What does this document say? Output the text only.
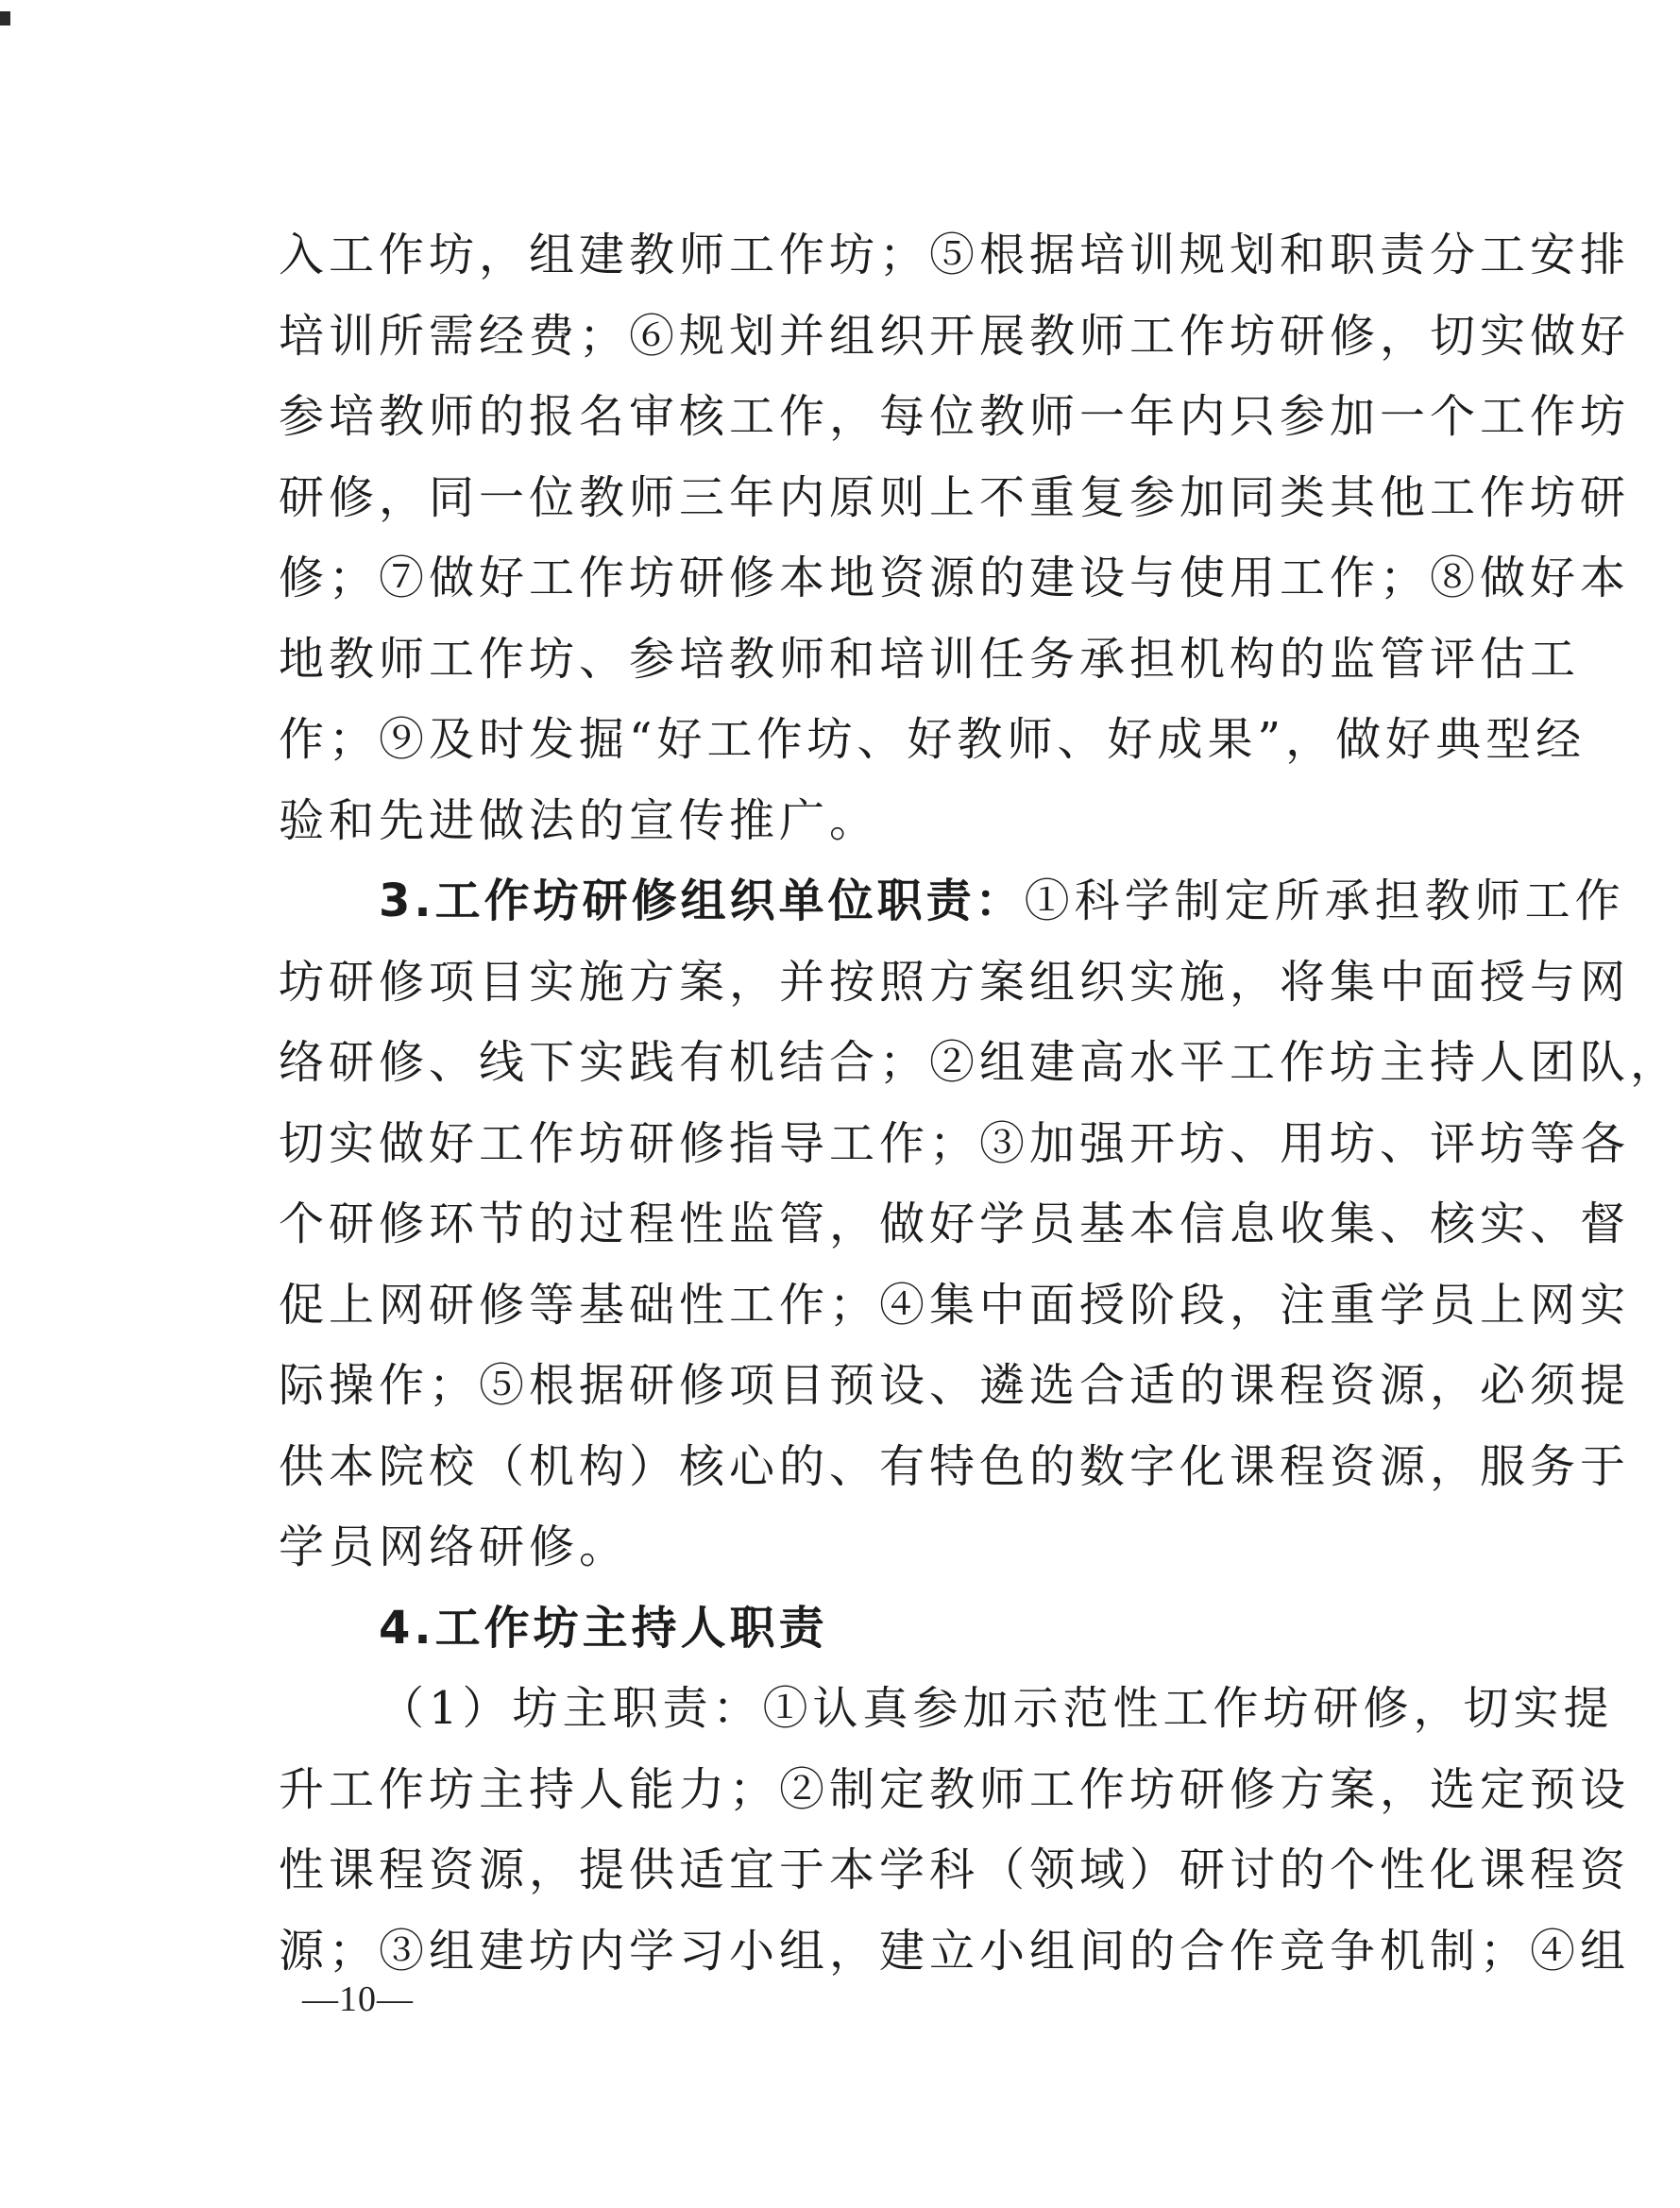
入工作坊，组建教师工作坊；⑤根据培训规划和职责分工安排
培训所需经费；⑥规划并组织开展教师工作坊研修，切实做好
参培教师的报名审核工作，每位教师一年内只参加一个工作坊
研修，同一位教师三年内原则上不重复参加同类其他工作坊研
修；⑦做好工作坊研修本地资源的建设与使用工作；⑧做好本
地教师工作坊、参培教师和培训任务承担机构的监管评估工
作；⑨及时发掘“好工作坊、好教师、好成果”，做好典型经
验和先进做法的宣传推广。
3.工作坊研修组织单位职责：①科学制定所承担教师工作
坊研修项目实施方案，并按照方案组织实施，将集中面授与网
络研修、线下实践有机结合；②组建高水平工作坊主持人团队，
切实做好工作坊研修指导工作；③加强开坊、用坊、评坊等各
个研修环节的过程性监管，做好学员基本信息收集、核实、督
促上网研修等基础性工作；④集中面授阶段，注重学员上网实
际操作；⑤根据研修项目预设、遴选合适的课程资源，必须提
供本院校（机构）核心的、有特色的数字化课程资源，服务于
学员网络研修。
4.工作坊主持人职责
（1）坊主职责：①认真参加示范性工作坊研修，切实提
升工作坊主持人能力；②制定教师工作坊研修方案，选定预设
性课程资源，提供适宜于本学科（领域）研讨的个性化课程资
源；③组建坊内学习小组，建立小组间的合作竞争机制；④组
—10—
